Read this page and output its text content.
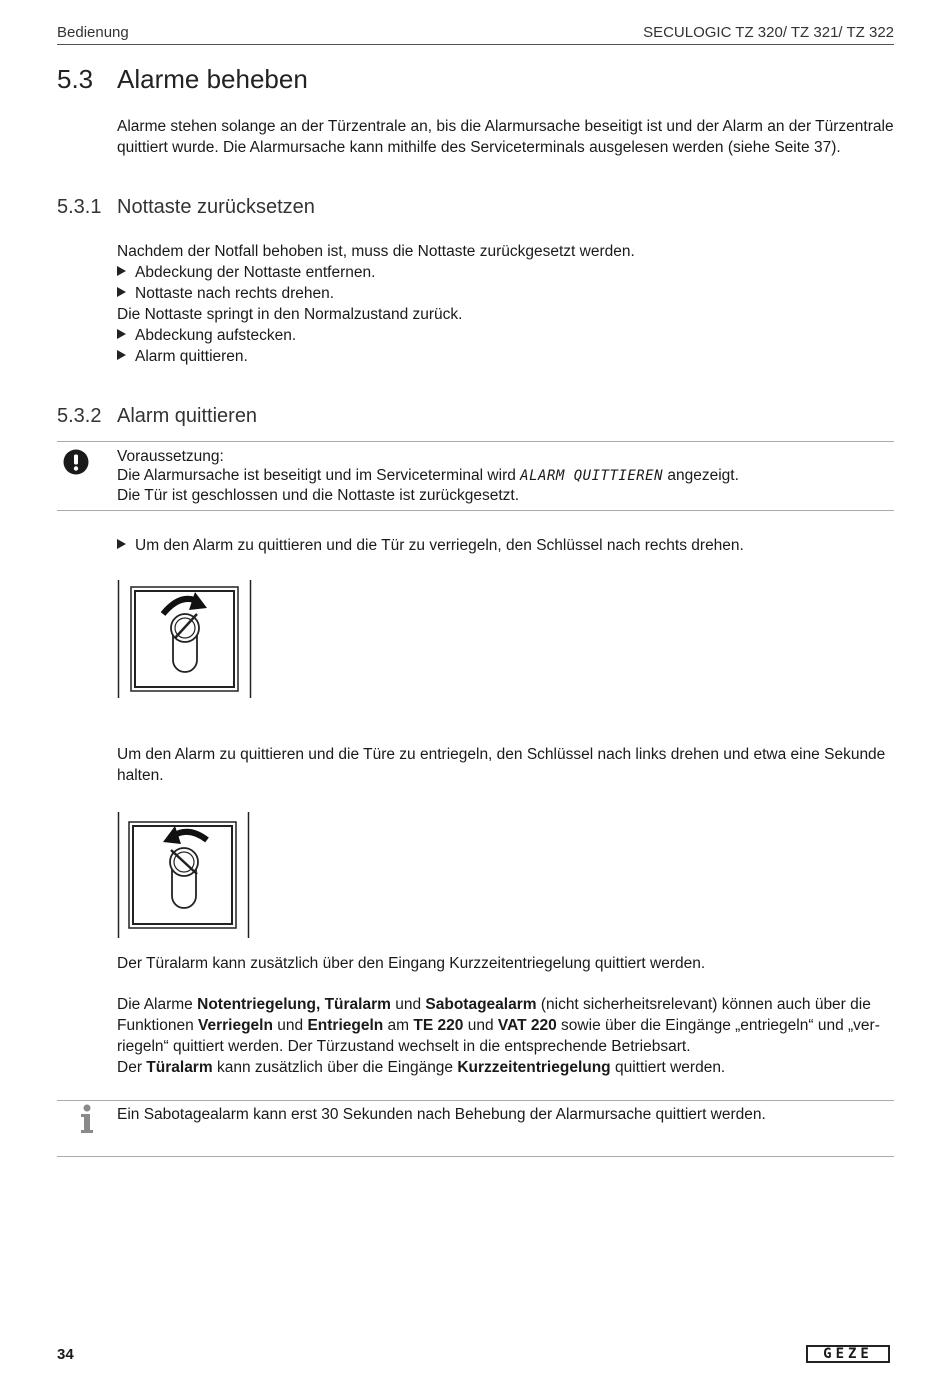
Bedienung	SECULOGIC TZ 320/ TZ 321/ TZ 322
5.3 Alarme beheben
Alarme stehen solange an der Türzentrale an, bis die Alarmursache beseitigt ist und der Alarm an der Türzentrale
quittiert wurde. Die Alarmursache kann mithilfe des Serviceterminals ausgelesen werden (siehe Seite 37).
5.3.1 Nottaste zurücksetzen
Nachdem der Notfall behoben ist, muss die Nottaste zurückgesetzt werden.
Abdeckung der Nottaste entfernen.
Nottaste nach rechts drehen.
Die Nottaste springt in den Normalzustand zurück.
Abdeckung aufstecken.
Alarm quittieren.
5.3.2 Alarm quittieren
Voraussetzung:
Die Alarmursache ist beseitigt und im Serviceterminal wird ALARM QUITTIEREN angezeigt.
Die Tür ist geschlossen und die Nottaste ist zurückgesetzt.
Um den Alarm zu quittieren und die Tür zu verriegeln, den Schlüssel nach rechts drehen.
Um den Alarm zu quittieren und die Türe zu entriegeln, den Schlüssel nach links drehen und etwa eine Sekunde
halten.
Der Türalarm kann zusätzlich über den Eingang Kurzzeitentriegelung quittiert werden.
Die Alarme Notentriegelung, Türalarm und Sabotagealarm (nicht sicherheitsrelevant) können auch über die
Funktionen Verriegeln und Entriegeln am TE 220 und VAT 220 sowie über die Eingänge „entriegeln“ und „ver-
riegeln“ quittiert werden. Der Türzustand wechselt in die entsprechende Betriebsart.
Der Türalarm kann zusätzlich über die Eingänge Kurzzeitentriegelung quittiert werden.
Ein Sabotagealarm kann erst 30 Sekunden nach Behebung der Alarmursache quittiert werden.
34	GEZE
